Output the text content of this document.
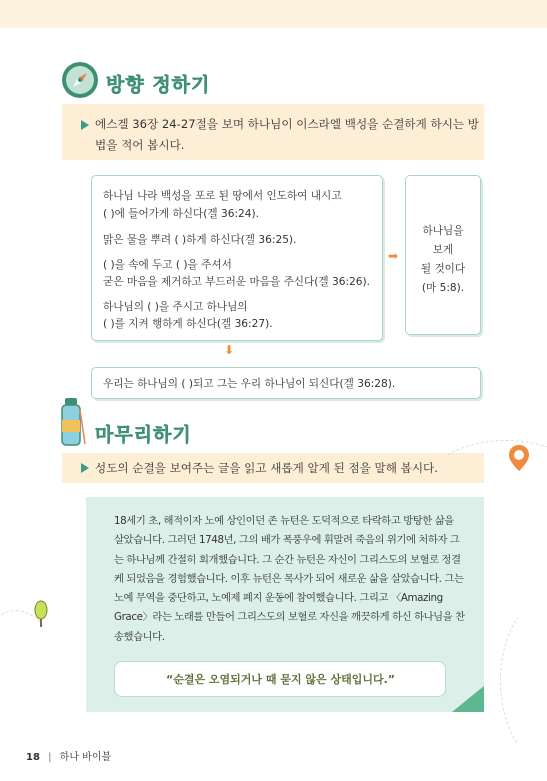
방향 정하기
에스겔 36장 24-27절을 보며 하나님이 이스라엘 백성을 순결하게 하시는 방법을 적어 봅시다.
하나님 나라 백성을 포로 된 땅에서 인도하여 내시고
( )에 들어가게 하신다(겔 36:24).
맑은 물을 뿌려 ( )하게 하신다(겔 36:25).
( )을 속에 두고 ( )을 주셔서
굳은 마음을 제거하고 부드러운 마음을 주신다(겔 36:26).
하나님의 ( )을 주시고 하나님의
( )를 지켜 행하게 하신다(겔 36:27).
➡
하나님을
보게
될 것이다
(마 5:8).
⬇
우리는 하나님의 ( )되고 그는 우리 하나님이 되신다(겔 36:28).
마무리하기
성도의 순결을 보여주는 글을 읽고 새롭게 알게 된 점을 말해 봅시다.
18세기 초, 해적이자 노예 상인이던 존 뉴턴은 도덕적으로 타락하고 방탕한 삶을 살았습니다. 그러던 1748년, 그의 배가 폭풍우에 휘말려 죽음의 위기에 처하자 그는 하나님께 간절히 회개했습니다. 그 순간 뉴턴은 자신이 그리스도의 보혈로 정결케 되었음을 경험했습니다. 이후 뉴턴은 목사가 되어 새로운 삶을 살았습니다. 그는 노예 무역을 중단하고, 노예제 폐지 운동에 참여했습니다. 그리고 〈Amazing Grace〉라는 노래를 만들어 그리스도의 보혈로 자신을 깨끗하게 하신 하나님을 찬송했습니다.
“순결은 오염되거나 때 묻지 않은 상태입니다.”
18 | 하나 바이블
